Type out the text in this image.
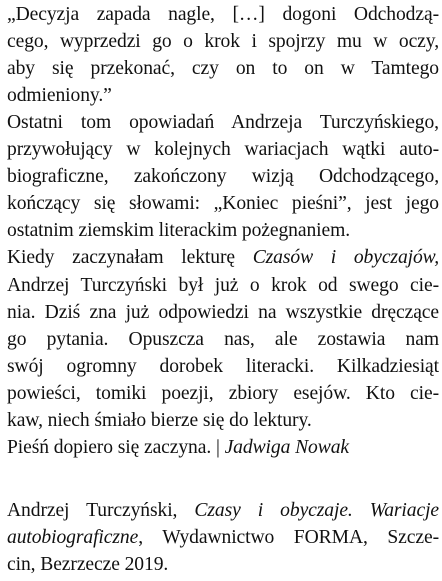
„Decyzja zapada nagle, […] dogoni Odchodzą-
cego, wyprzedzi go o krok i spojrzy mu w oczy,
aby się przekonać, czy on to on w Tamtego
odmieniony.”
Ostatni tom opowiadań Andrzeja Turczyńskiego,
przywołujący w kolejnych wariacjach wątki auto-
biograficzne, zakończony wizją Odchodzącego,
kończący się słowami: „Koniec pieśni”, jest jego
ostatnim ziemskim literackim pożegnaniem.
Kiedy zaczynałam lekturę Czasów i obyczajów,
Andrzej Turczyński był już o krok od swego cie-
nia. Dziś zna już odpowiedzi na wszystkie dręczące
go pytania. Opuszcza nas, ale zostawia nam
swój ogromny dorobek literacki. Kilkadziesiąt
powieści, tomiki poezji, zbiory esejów. Kto cie-
kaw, niech śmiało bierze się do lektury.
Pieśń dopiero się zaczyna. | Jadwiga Nowak
Andrzej Turczyński, Czasy i obyczaje. Wariacje
autobiograficzne, Wydawnictwo FORMA, Szcze-
cin, Bezrzecze 2019.
